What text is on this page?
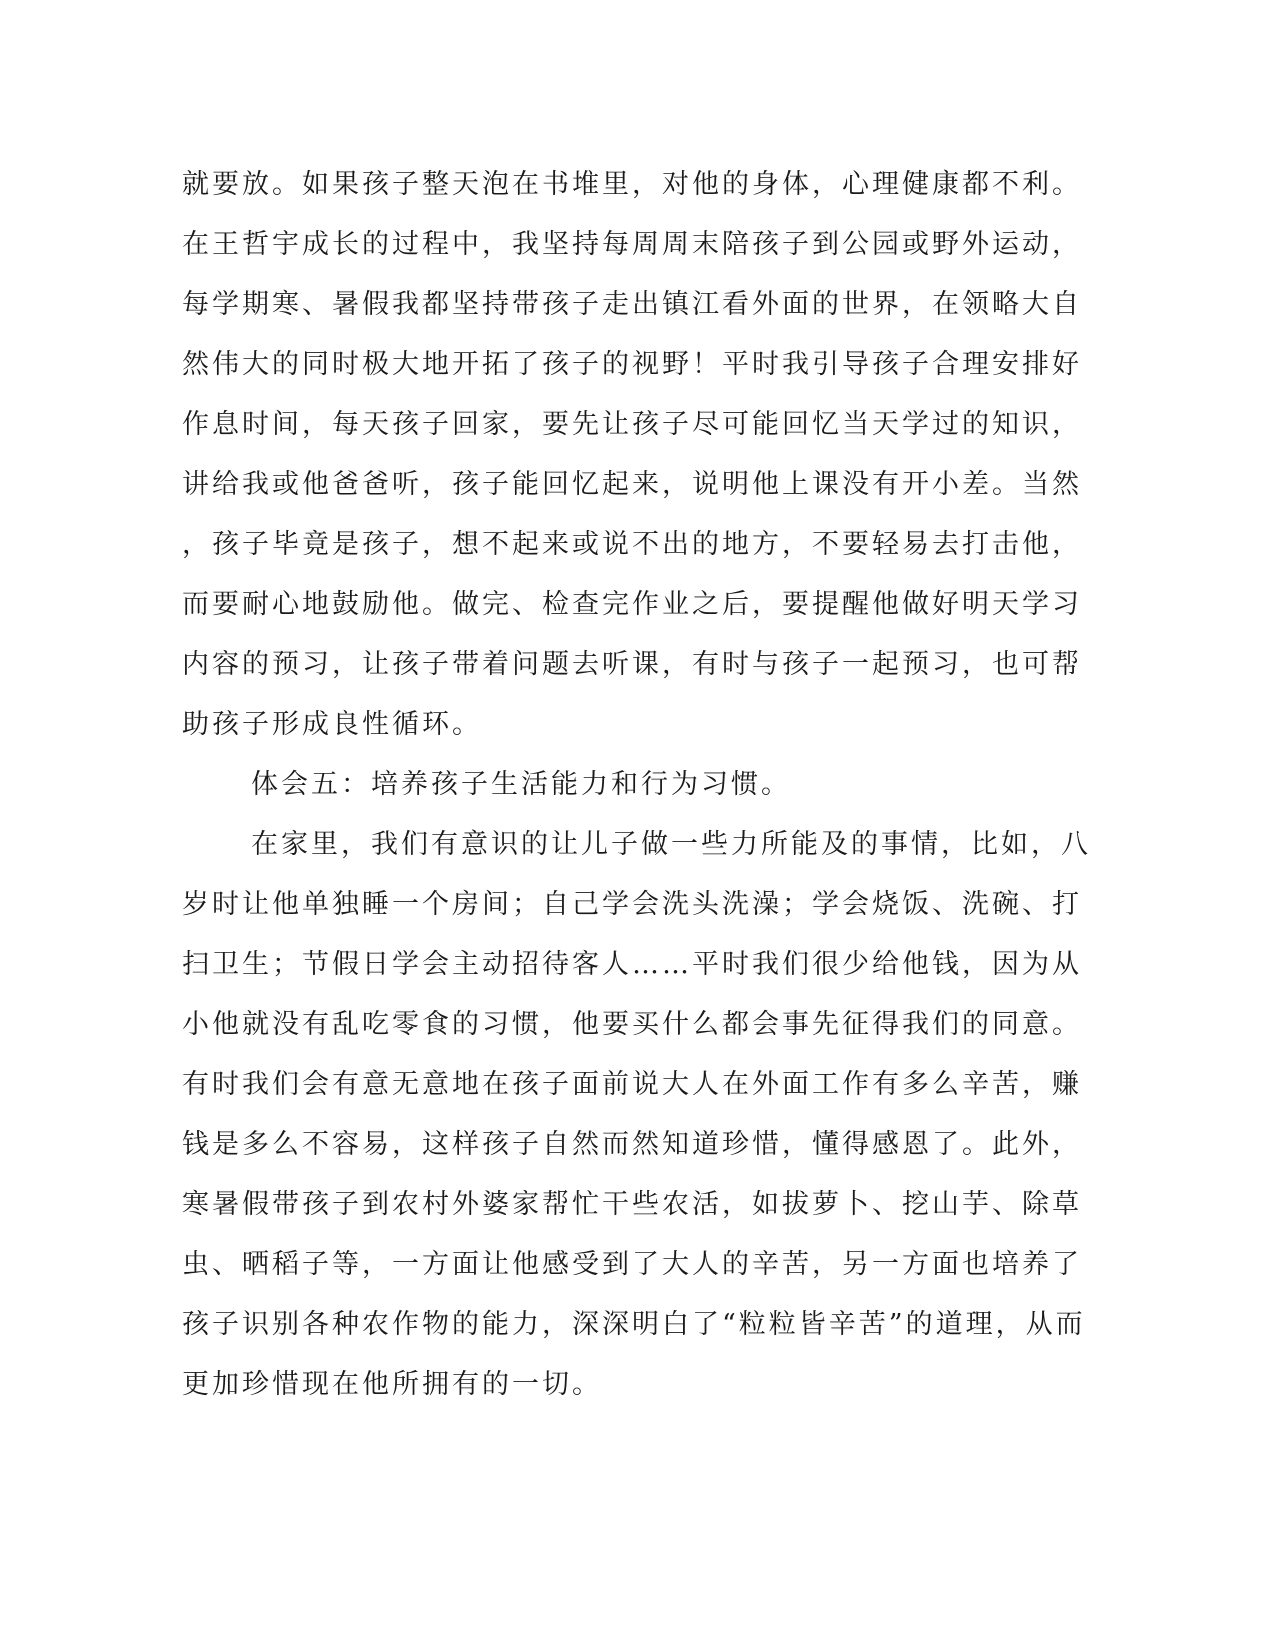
就要放。如果孩子整天泡在书堆里，对他的身体，心理健康都不利。
在王哲宇成长的过程中，我坚持每周周末陪孩子到公园或野外运动，
每学期寒、暑假我都坚持带孩子走出镇江看外面的世界，在领略大自
然伟大的同时极大地开拓了孩子的视野！平时我引导孩子合理安排好
作息时间，每天孩子回家，要先让孩子尽可能回忆当天学过的知识，
讲给我或他爸爸听，孩子能回忆起来，说明他上课没有开小差。当然
，孩子毕竟是孩子，想不起来或说不出的地方，不要轻易去打击他，
而要耐心地鼓励他。做完、检查完作业之后，要提醒他做好明天学习
内容的预习，让孩子带着问题去听课，有时与孩子一起预习，也可帮
助孩子形成良性循环。
体会五：培养孩子生活能力和行为习惯。
在家里，我们有意识的让儿子做一些力所能及的事情，比如，八
岁时让他单独睡一个房间；自己学会洗头洗澡；学会烧饭、洗碗、打
扫卫生；节假日学会主动招待客人……平时我们很少给他钱，因为从
小他就没有乱吃零食的习惯，他要买什么都会事先征得我们的同意。
有时我们会有意无意地在孩子面前说大人在外面工作有多么辛苦，赚
钱是多么不容易，这样孩子自然而然知道珍惜，懂得感恩了。此外，
寒暑假带孩子到农村外婆家帮忙干些农活，如拔萝卜、挖山芋、除草
虫、晒稻子等，一方面让他感受到了大人的辛苦，另一方面也培养了
孩子识别各种农作物的能力，深深明白了“粒粒皆辛苦”的道理，从而
更加珍惜现在他所拥有的一切。
